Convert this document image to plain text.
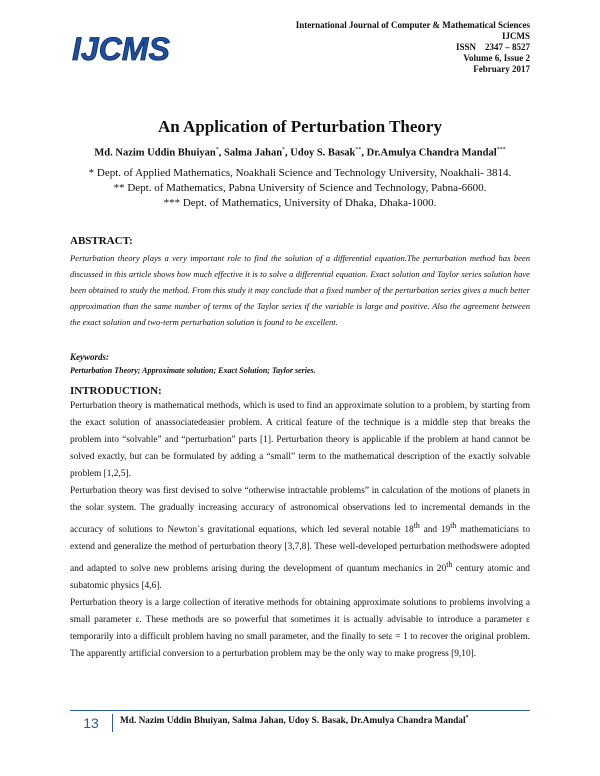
IJCMS
International Journal of Computer & Mathematical Sciences
IJCMS
ISSN    2347 – 8527
Volume 6, Issue 2
February 2017
An Application of Perturbation Theory
Md. Nazim Uddin Bhuiyan*, Salma Jahan*, Udoy S. Basak**, Dr.Amulya Chandra Mandal***
* Dept. of Applied Mathematics, Noakhali Science and Technology University, Noakhali- 3814.
** Dept. of Mathematics, Pabna University of Science and Technology, Pabna-6600.
*** Dept. of Mathematics, University of Dhaka, Dhaka-1000.
ABSTRACT:
Perturbation theory plays a very important role to find the solution of a differential equation.The perturbation method has been discussed in this article shows how much effective it is to solve a differential equation. Exact solution and Taylor series solution have been obtained to study the method. From this study it may conclude that a fixed number of the perturbation series gives a much better approximation than the same number of terms of the Taylor series if the variable is large and positive. Also the agreement between the exact solution and two-term perturbation solution is found to be excellent.
Keywords:
Perturbation Theory; Approximate solution; Exact Solution; Taylor series.
INTRODUCTION:

Perturbation theory is mathematical methods, which is used to find an approximate solution to a problem, by starting from the exact solution of anassociatedeasier problem. A critical feature of the technique is a middle step that breaks the problem into “solvable” and “perturbation” parts [1]. Perturbation theory is applicable if the problem at hand cannot be solved exactly, but can be formulated by adding a “small” term to the mathematical description of the exactly solvable problem [1,2,5].

Perturbation theory was first devised to solve “otherwise intractable problems” in calculation of the motions of planets in the solar system. The gradually increasing accuracy of astronomical observations led to incremental demands in the accuracy of solutions to Newton`s gravitational equations, which led several notable 18th and 19th mathematicians to extend and generalize the method of perturbation theory [3,7,8]. These well-developed perturbation methodswere adopted and adapted to solve new problems arising during the development of quantum mechanics in 20th century atomic and subatomic physics [4,6].

Perturbation theory is a large collection of iterative methods for obtaining approximate solutions to problems involving a small parameter ε. These methods are so powerful that sometimes it is actually advisable to introduce a parameter ε temporarily into a difficult problem having no small parameter, and the finally to setε = 1 to recover the original problem. The apparently artificial conversion to a perturbation problem may be the only way to make progress [9,10].

13	Md. Nazim Uddin Bhuiyan, Salma Jahan, Udoy S. Basak, Dr.Amulya Chandra Mandal*
